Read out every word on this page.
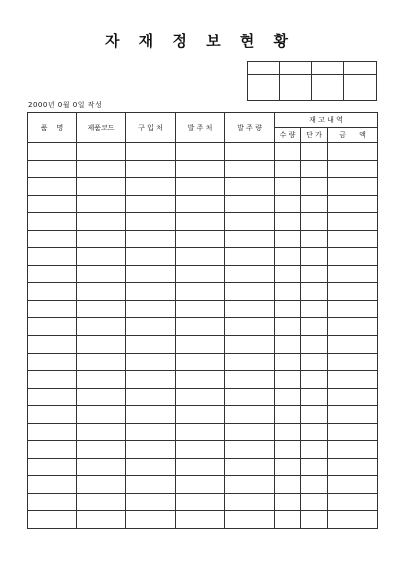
자 재 정 보 현 황

2000년 0월 0일 작성
품    명	제품코드	구 입 처	발 주 처	발 주 량	재 고 내 역		
					수 량	단 가	금      액
